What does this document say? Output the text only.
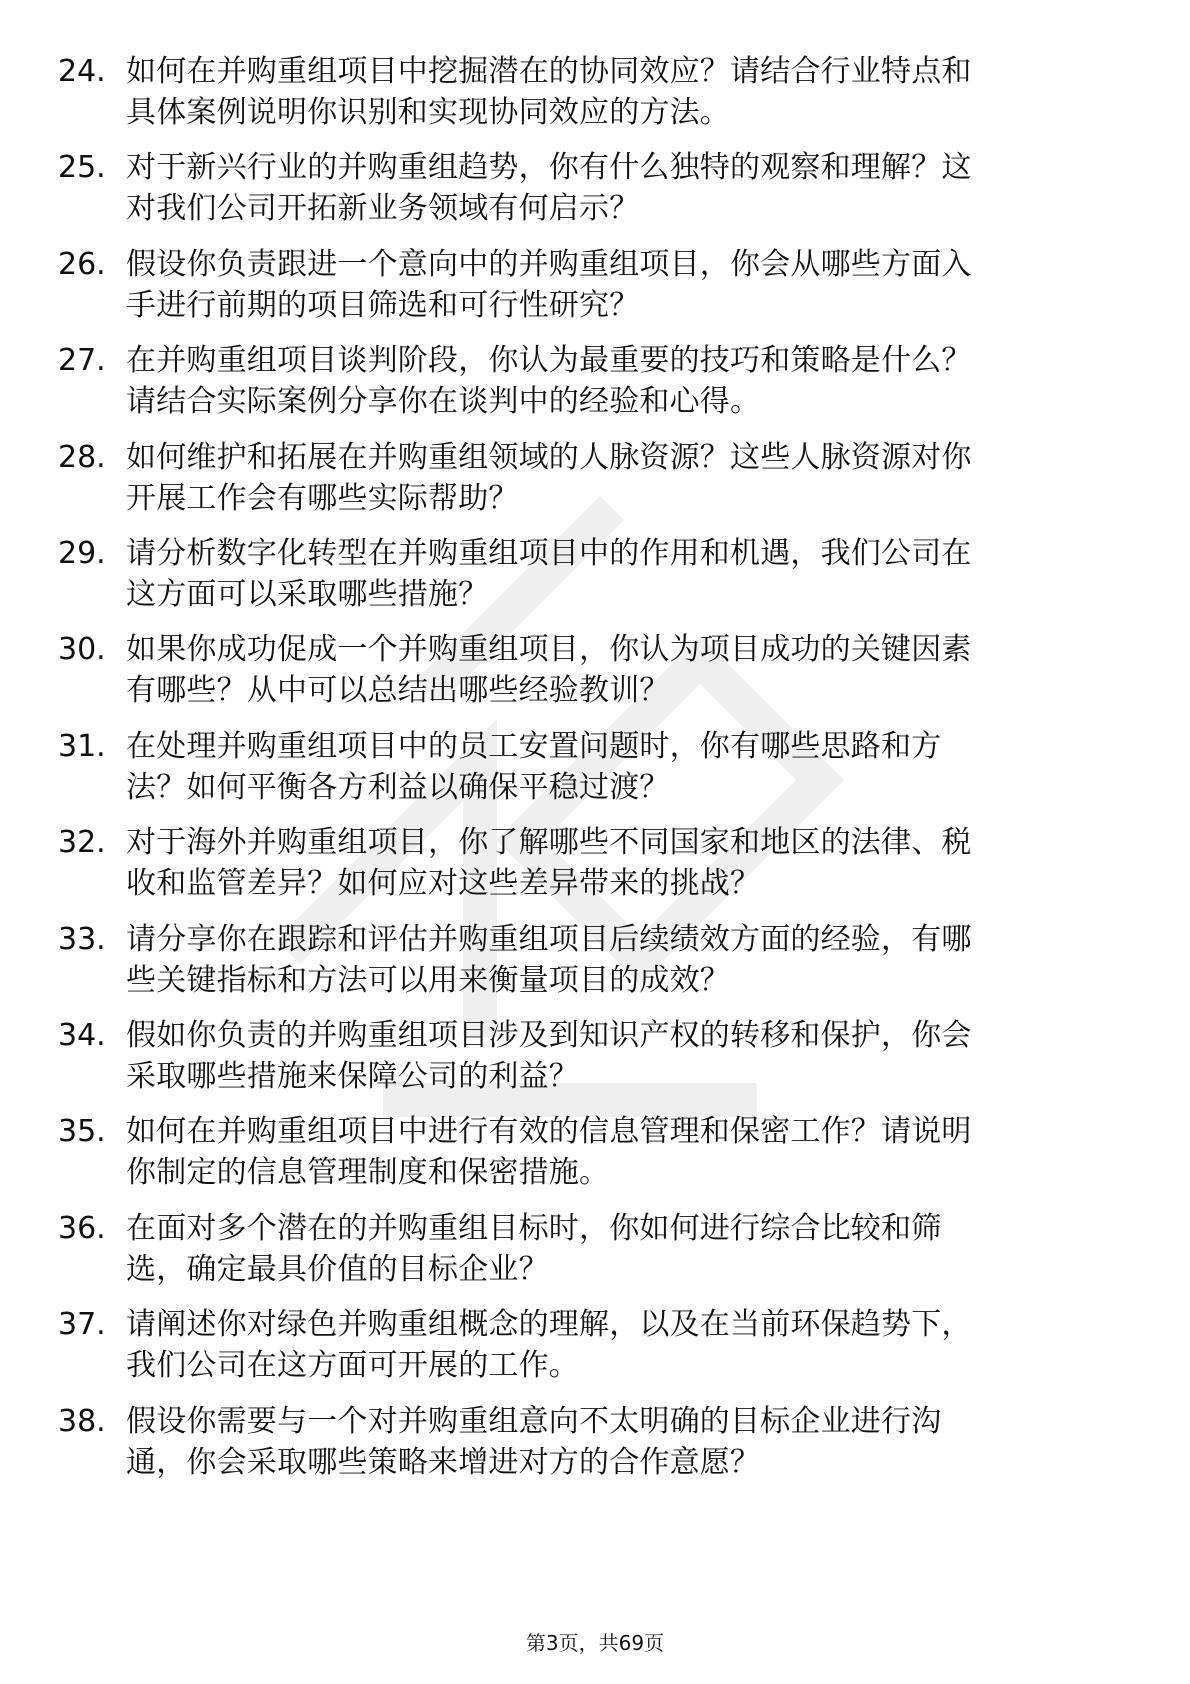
24. 如何在并购重组项目中挖掘潜在的协同效应？请结合行业特点和
具体案例说明你识别和实现协同效应的方法。
25. 对于新兴行业的并购重组趋势，你有什么独特的观察和理解？这
对我们公司开拓新业务领域有何启示？
26. 假设你负责跟进一个意向中的并购重组项目，你会从哪些方面入
手进行前期的项目筛选和可行性研究？
27. 在并购重组项目谈判阶段，你认为最重要的技巧和策略是什么？
请结合实际案例分享你在谈判中的经验和心得。
28. 如何维护和拓展在并购重组领域的人脉资源？这些人脉资源对你
开展工作会有哪些实际帮助？
29. 请分析数字化转型在并购重组项目中的作用和机遇，我们公司在
这方面可以采取哪些措施？
30. 如果你成功促成一个并购重组项目，你认为项目成功的关键因素
有哪些？从中可以总结出哪些经验教训？
31. 在处理并购重组项目中的员工安置问题时，你有哪些思路和方
法？如何平衡各方利益以确保平稳过渡？
32. 对于海外并购重组项目，你了解哪些不同国家和地区的法律、税
收和监管差异？如何应对这些差异带来的挑战？
33. 请分享你在跟踪和评估并购重组项目后续绩效方面的经验，有哪
些关键指标和方法可以用来衡量项目的成效？
34. 假如你负责的并购重组项目涉及到知识产权的转移和保护，你会
采取哪些措施来保障公司的利益？
35. 如何在并购重组项目中进行有效的信息管理和保密工作？请说明
你制定的信息管理制度和保密措施。
36. 在面对多个潜在的并购重组目标时，你如何进行综合比较和筛
选，确定最具价值的目标企业？
37. 请阐述你对绿色并购重组概念的理解，以及在当前环保趋势下，
我们公司在这方面可开展的工作。
38. 假设你需要与一个对并购重组意向不太明确的目标企业进行沟
通，你会采取哪些策略来增进对方的合作意愿？
第3页，共69页
